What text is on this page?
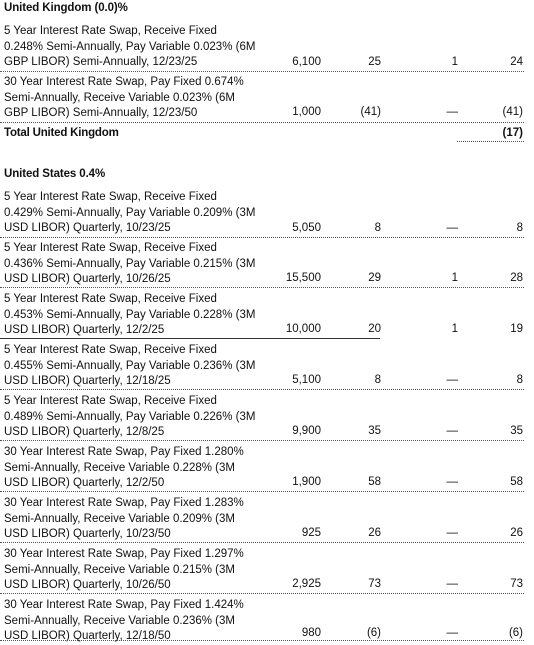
United Kingdom (0.0)%
5 Year Interest Rate Swap, Receive Fixed
0.248% Semi-Annually, Pay Variable 0.023% (6M
GBP LIBOR) Semi-Annually, 12/23/25	6,100	25	1	24
30 Year Interest Rate Swap, Pay Fixed 0.674%
Semi-Annually, Receive Variable 0.023% (6M
GBP LIBOR) Semi-Annually, 12/23/50	1,000	(41)	—	(41)
Total United Kingdom	(17)
United States 0.4%
5 Year Interest Rate Swap, Receive Fixed
0.429% Semi-Annually, Pay Variable 0.209% (3M
USD LIBOR) Quarterly, 10/23/25	5,050	8	—	8
5 Year Interest Rate Swap, Receive Fixed
0.436% Semi-Annually, Pay Variable 0.215% (3M
USD LIBOR) Quarterly, 10/26/25	15,500	29	1	28
5 Year Interest Rate Swap, Receive Fixed
0.453% Semi-Annually, Pay Variable 0.228% (3M
USD LIBOR) Quarterly, 12/2/25	10,000	20	1	19
5 Year Interest Rate Swap, Receive Fixed
0.455% Semi-Annually, Pay Variable 0.236% (3M
USD LIBOR) Quarterly, 12/18/25	5,100	8	—	8
5 Year Interest Rate Swap, Receive Fixed
0.489% Semi-Annually, Pay Variable 0.226% (3M
USD LIBOR) Quarterly, 12/8/25	9,900	35	—	35
30 Year Interest Rate Swap, Pay Fixed 1.280%
Semi-Annually, Receive Variable 0.228% (3M
USD LIBOR) Quarterly, 12/2/50	1,900	58	—	58
30 Year Interest Rate Swap, Pay Fixed 1.283%
Semi-Annually, Receive Variable 0.209% (3M
USD LIBOR) Quarterly, 10/23/50	925	26	—	26
30 Year Interest Rate Swap, Pay Fixed 1.297%
Semi-Annually, Receive Variable 0.215% (3M
USD LIBOR) Quarterly, 10/26/50	2,925	73	—	73
30 Year Interest Rate Swap, Pay Fixed 1.424%
Semi-Annually, Receive Variable 0.236% (3M
USD LIBOR) Quarterly, 12/18/50	980	(6)	—	(6)
